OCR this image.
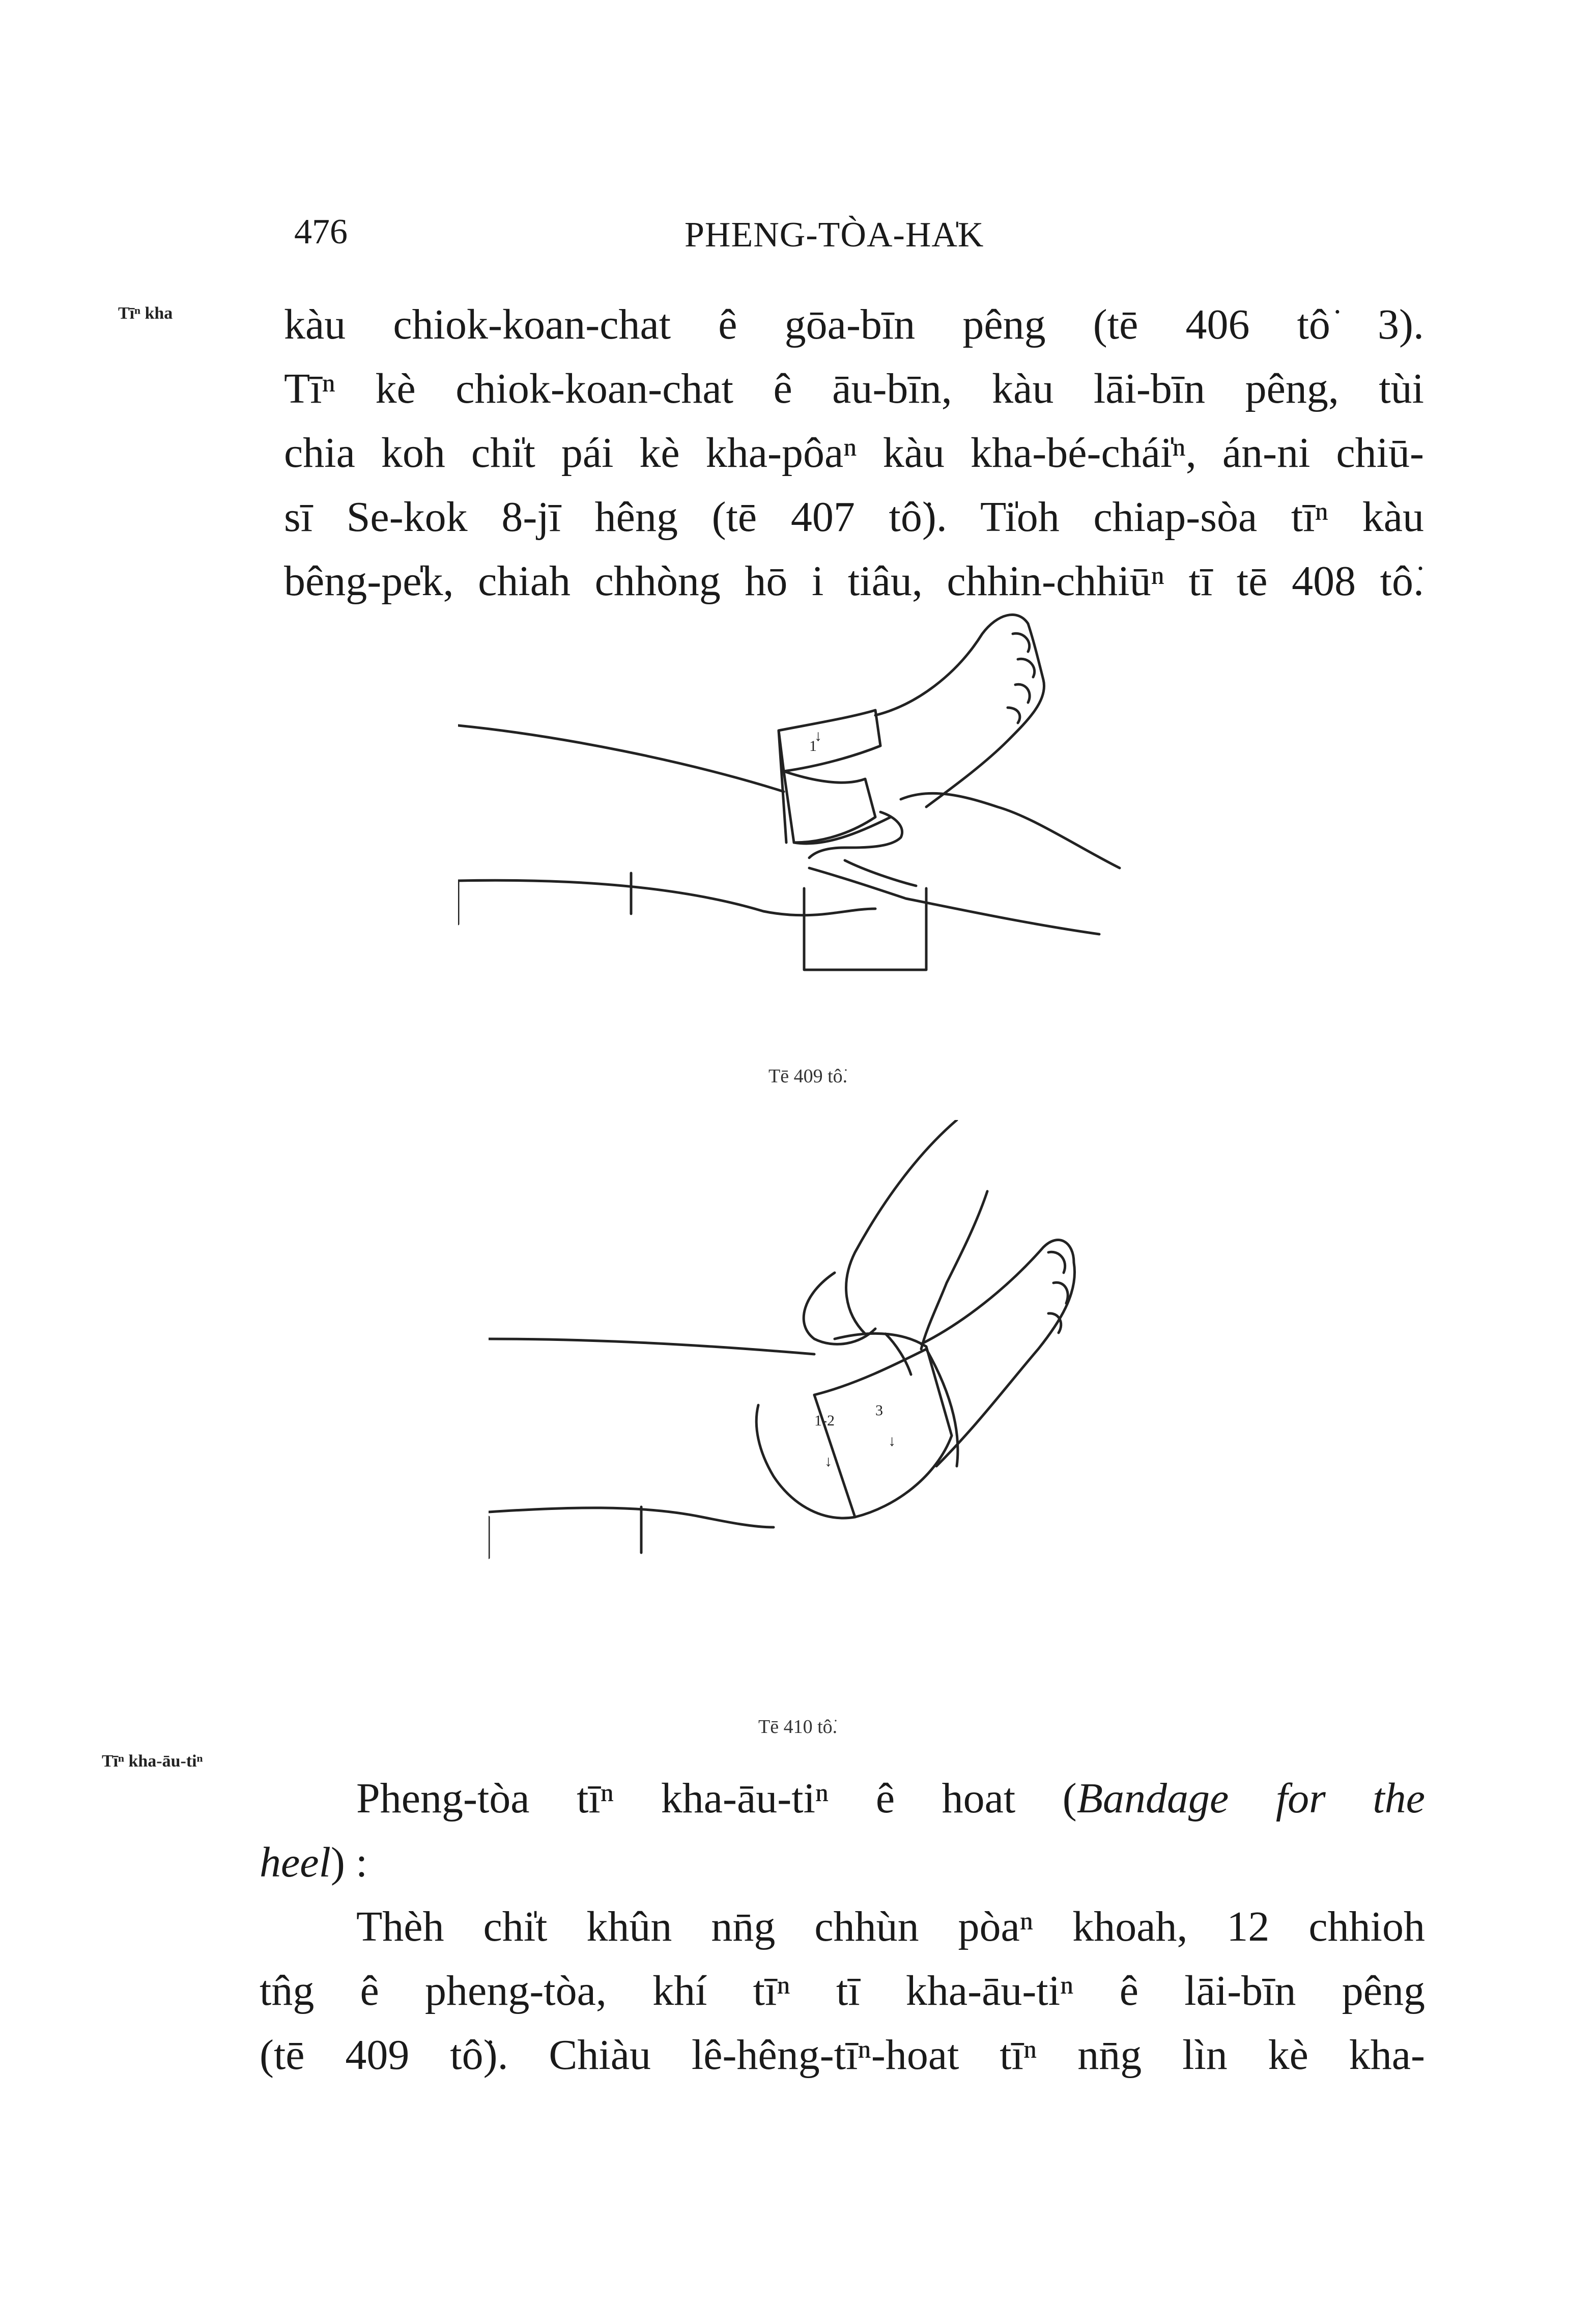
476	PHENG-TÒA-HA̍K
Tīⁿ kha	kàu chiok-koan-chat ê gōa-bīn pêng (tē 406 tô͘ 3).
Tīⁿ kè chiok-koan-chat ê āu-bīn, kàu lāi-bīn pêng, tùi
chia koh chi̍t pái kè kha-pôaⁿ kàu kha-bé-chái̍ⁿ, án-ni chiū-
sī Se-kok 8-jī hêng (tē 407 tô͘). Ti̍oh chiap-sòa tīⁿ kàu
bêng-pe̍k, chiah chhòng hō i tiâu, chhin-chhiūⁿ tī tē 408 tô͘.
1
↓
Tē 409 tô͘.
1-2
3
↓
↓
Tē 410 tô͘.
Tīⁿ kha-āu-tiⁿ
Pheng-tòa tīⁿ kha-āu-tiⁿ ê hoat (Bandage for the
heel) :
Thèh chi̍t khûn nn̄g chhùn pòaⁿ khoah, 12 chhioh
tn̂g ê pheng-tòa, khí tīⁿ tī kha-āu-tiⁿ ê lāi-bīn pêng
(tē 409 tô͘). Chiàu lê-hêng-tīⁿ-hoat tīⁿ nn̄g lìn kè kha-
